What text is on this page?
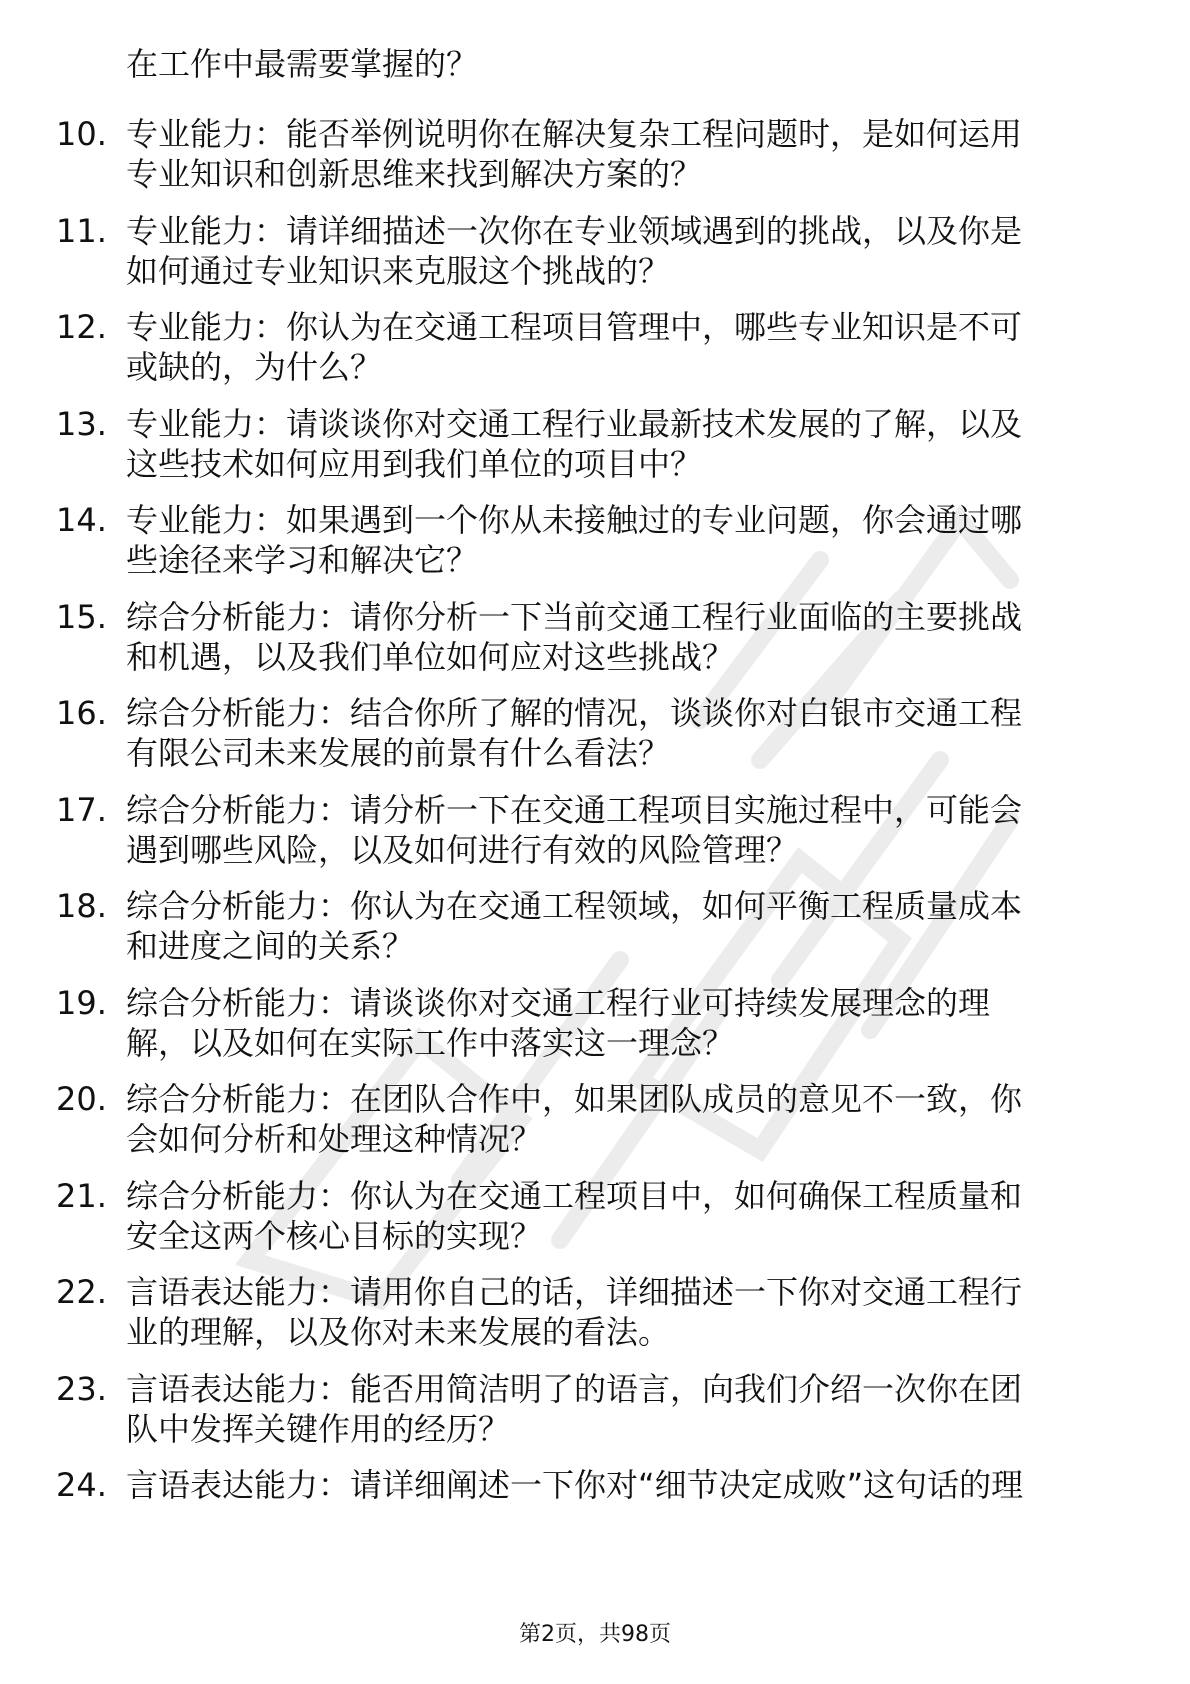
在工作中最需要掌握的？
10. 专业能力：能否举例说明你在解决复杂工程问题时，是如何运用
专业知识和创新思维来找到解决方案的？
11. 专业能力：请详细描述一次你在专业领域遇到的挑战，以及你是
如何通过专业知识来克服这个挑战的？
12. 专业能力：你认为在交通工程项目管理中，哪些专业知识是不可
或缺的，为什么？
13. 专业能力：请谈谈你对交通工程行业最新技术发展的了解，以及
这些技术如何应用到我们单位的项目中？
14. 专业能力：如果遇到一个你从未接触过的专业问题，你会通过哪
些途径来学习和解决它？
15. 综合分析能力：请你分析一下当前交通工程行业面临的主要挑战
和机遇，以及我们单位如何应对这些挑战？
16. 综合分析能力：结合你所了解的情况，谈谈你对白银市交通工程
有限公司未来发展的前景有什么看法？
17. 综合分析能力：请分析一下在交通工程项目实施过程中，可能会
遇到哪些风险，以及如何进行有效的风险管理？
18. 综合分析能力：你认为在交通工程领域，如何平衡工程质量成本
和进度之间的关系？
19. 综合分析能力：请谈谈你对交通工程行业可持续发展理念的理
解，以及如何在实际工作中落实这一理念？
20. 综合分析能力：在团队合作中，如果团队成员的意见不一致，你
会如何分析和处理这种情况？
21. 综合分析能力：你认为在交通工程项目中，如何确保工程质量和
安全这两个核心目标的实现？
22. 言语表达能力：请用你自己的话，详细描述一下你对交通工程行
业的理解，以及你对未来发展的看法。
23. 言语表达能力：能否用简洁明了的语言，向我们介绍一次你在团
队中发挥关键作用的经历？
24. 言语表达能力：请详细阐述一下你对“细节决定成败”这句话的理
第2页，共98页
